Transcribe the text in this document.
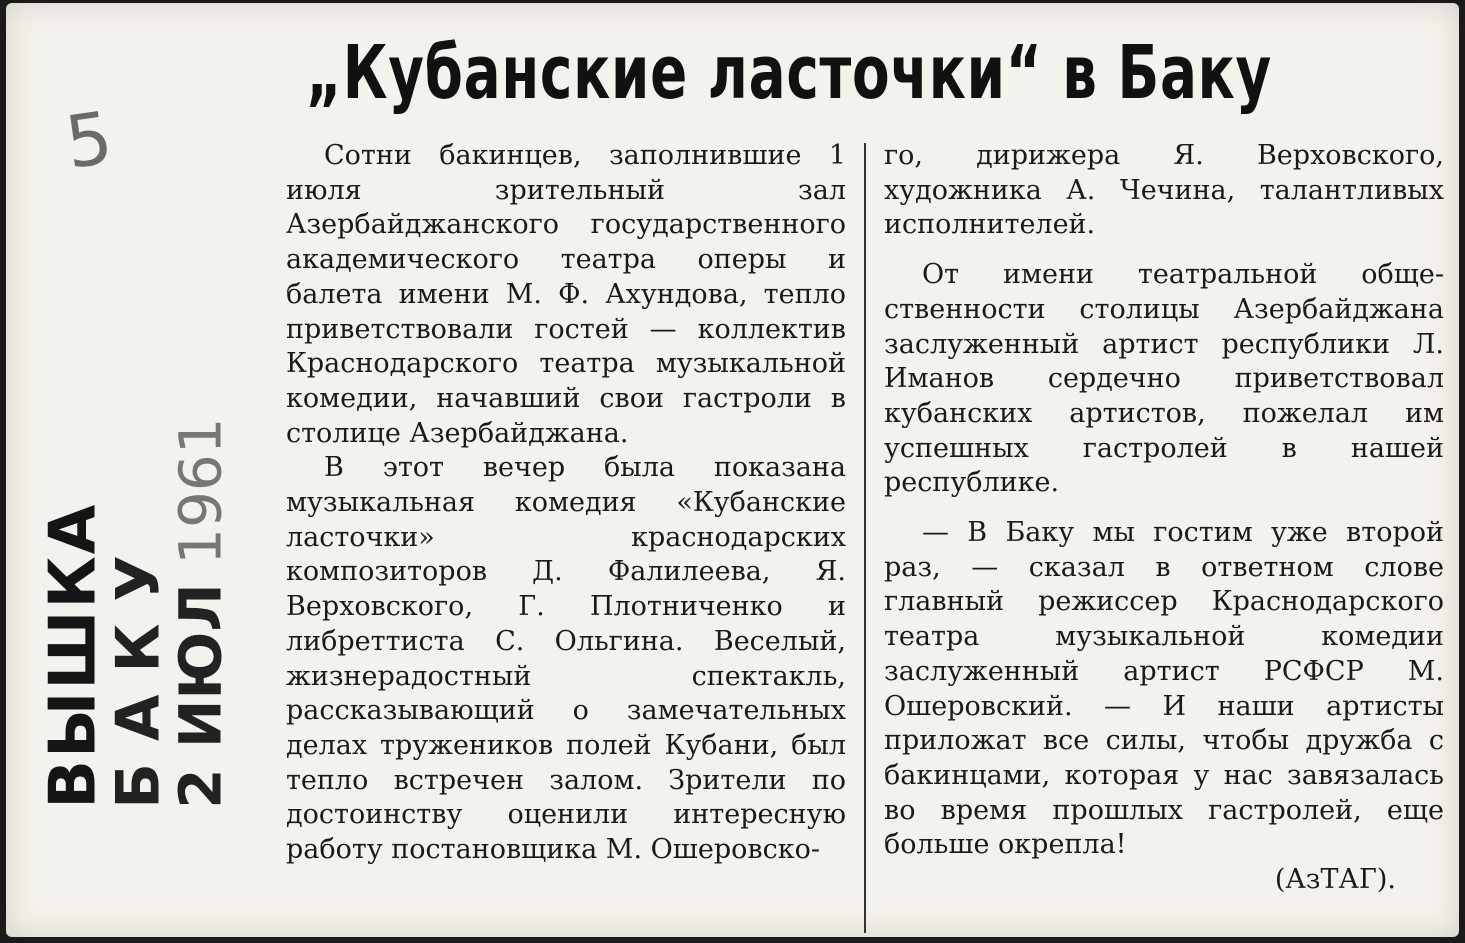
5
„Кубанские ласточки“ в Баку
ВЫШКА
БАКУ
2 ИЮЛ 1961

Сотни бакинцев, заполнившие 1 июля зрительный зал Азербайджанского государственного академического театра оперы и балета имени М. Ф. Ахундова, тепло приветствовали гостей — коллектив Краснодарского театра музыкальной комедии, начавший свои гастроли в столице Азербайджана.

В этот вечер была показана музыкальная комедия «Кубанские ласточки» краснодарских композиторов Д. Фалилеева, Я. Верховского, Г. Плотниченко и либреттиста С. Ольгина. Веселый, жизнерадостный спектакль, рассказывающий о замечательных делах тружеников полей Кубани, был тепло встречен залом. Зрители по достоинству оценили интересную работу постановщика М. Ошеровско-

го, дирижера Я. Верховского, художника А. Чечина, талантливых исполнителей.

От имени театральной общественности столицы Азербайджана заслуженный артист республики Л. Иманов сердечно приветствовал кубанских артистов, пожелал им успешных гастролей в нашей республике.

— В Баку мы гостим уже второй раз, — сказал в ответном слове главный режиссер Краснодарского театра музыкальной комедии заслуженный артист РСФСР М. Ошеровский. — И наши артисты приложат все силы, чтобы дружба с бакинцами, которая у нас завязалась во время прошлых гастролей, еще больше окрепла!

(АзТАГ).
